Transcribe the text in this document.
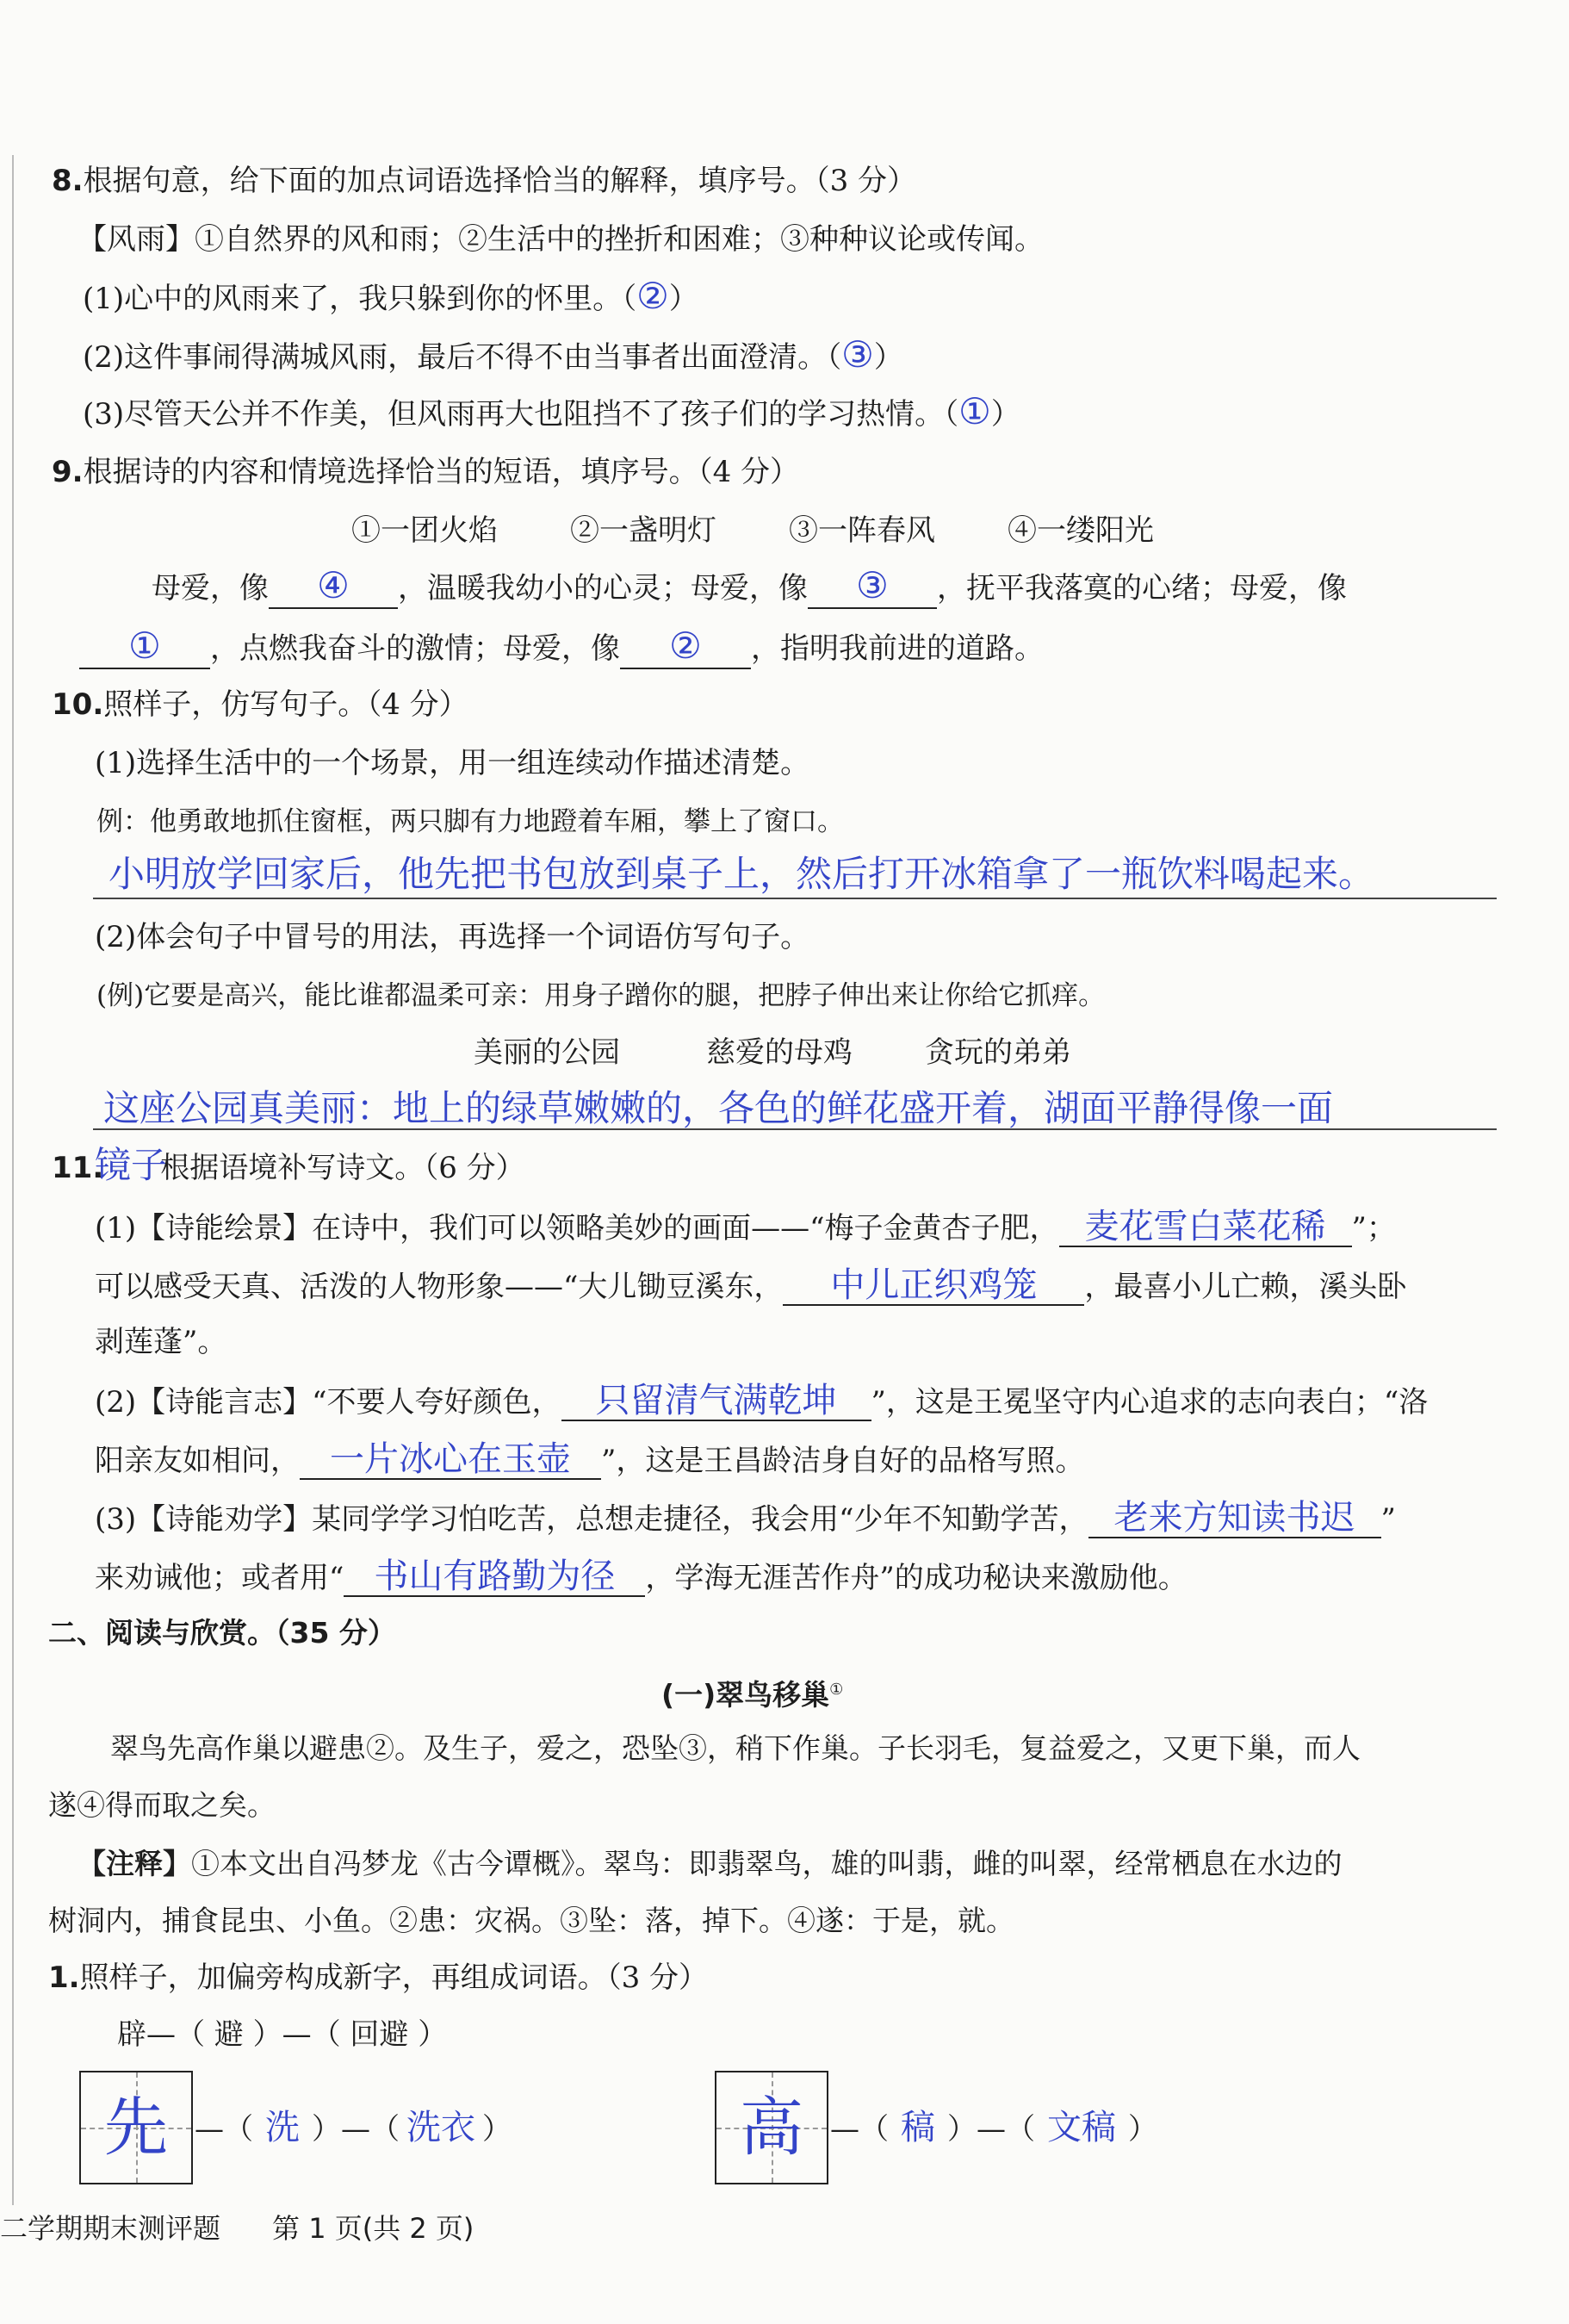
8.根据句意，给下面的加点词语选择恰当的解释，填序号。（3 分）
【风雨】①自然界的风和雨；②生活中的挫折和困难；③种种议论或传闻。
(1)心中的风雨来了，我只躲到你的怀里。（②）
(2)这件事闹得满城风雨，最后不得不由当事者出面澄清。（③）
(3)尽管天公并不作美，但风雨再大也阻挡不了孩子们的学习热情。（①）
9.根据诗的内容和情境选择恰当的短语，填序号。（4 分）
①一团火焰 ②一盏明灯 ③一阵春风 ④一缕阳光
母爱，像 ④ ，温暖我幼小的心灵；母爱，像 ③ ，抚平我落寞的心绪；母爱，像
① ，点燃我奋斗的激情；母爱，像 ② ，指明我前进的道路。
10.照样子，仿写句子。（4 分）
(1)选择生活中的一个场景，用一组连续动作描述清楚。
例：他勇敢地抓住窗框，两只脚有力地蹬着车厢，攀上了窗口。
小明放学回家后，他先把书包放到桌子上，然后打开冰箱拿了一瓶饮料喝起来。
(2)体会句子中冒号的用法，再选择一个词语仿写句子。
(例)它要是高兴，能比谁都温柔可亲：用身子蹭你的腿，把脖子伸出来让你给它抓痒。
美丽的公园	慈爱的母鸡 贪玩的弟弟
这座公园真美丽：地上的绿草嫩嫩的，各色的鲜花盛开着，湖面平静得像一面
镜子
11. 根据语境补写诗文。（6 分）
(1)【诗能绘景】在诗中，我们可以领略美妙的画面——“梅子金黄杏子肥， 麦花雪白菜花稀 ”；
可以感受天真、活泼的人物形象——“大儿锄豆溪东， 中儿正织鸡笼 ，最喜小儿亡赖，溪头卧
剥莲蓬”。
(2)【诗能言志】“不要人夸好颜色， 只留清气满乾坤 ”，这是王冕坚守内心追求的志向表白；“洛
阳亲友如相问， 一片冰心在玉壶 ”，这是王昌龄洁身自好的品格写照。
(3)【诗能劝学】某同学学习怕吃苦，总想走捷径，我会用“少年不知勤学苦， 老来方知读书迟 ”
来劝诫他；或者用“ 书山有路勤为径 ，学海无涯苦作舟”的成功秘诀来激励他。
二、阅读与欣赏。（35 分）
(一)翠鸟移巢①
翠鸟先高作巢以避患②。及生子，爱之，恐坠③，稍下作巢。子长羽毛，复益爱之，又更下巢，而人
遂④得而取之矣。
【注释】①本文出自冯梦龙《古今谭概》。翠鸟：即翡翠鸟，雄的叫翡，雌的叫翠，经常栖息在水边的
树洞内，捕食昆虫、小鱼。②患：灾祸。③坠：落，掉下。④遂：于是，就。
1.照样子，加偏旁构成新字，再组成词语。（3 分）
辟—（ 避 ）—（ 回避 ）
先 —（ 洗 ）—（ 洗衣 ）	高 —（ 稿 ）—（ 文稿 ）
二学期期末测评题 第 1 页(共 2 页)
